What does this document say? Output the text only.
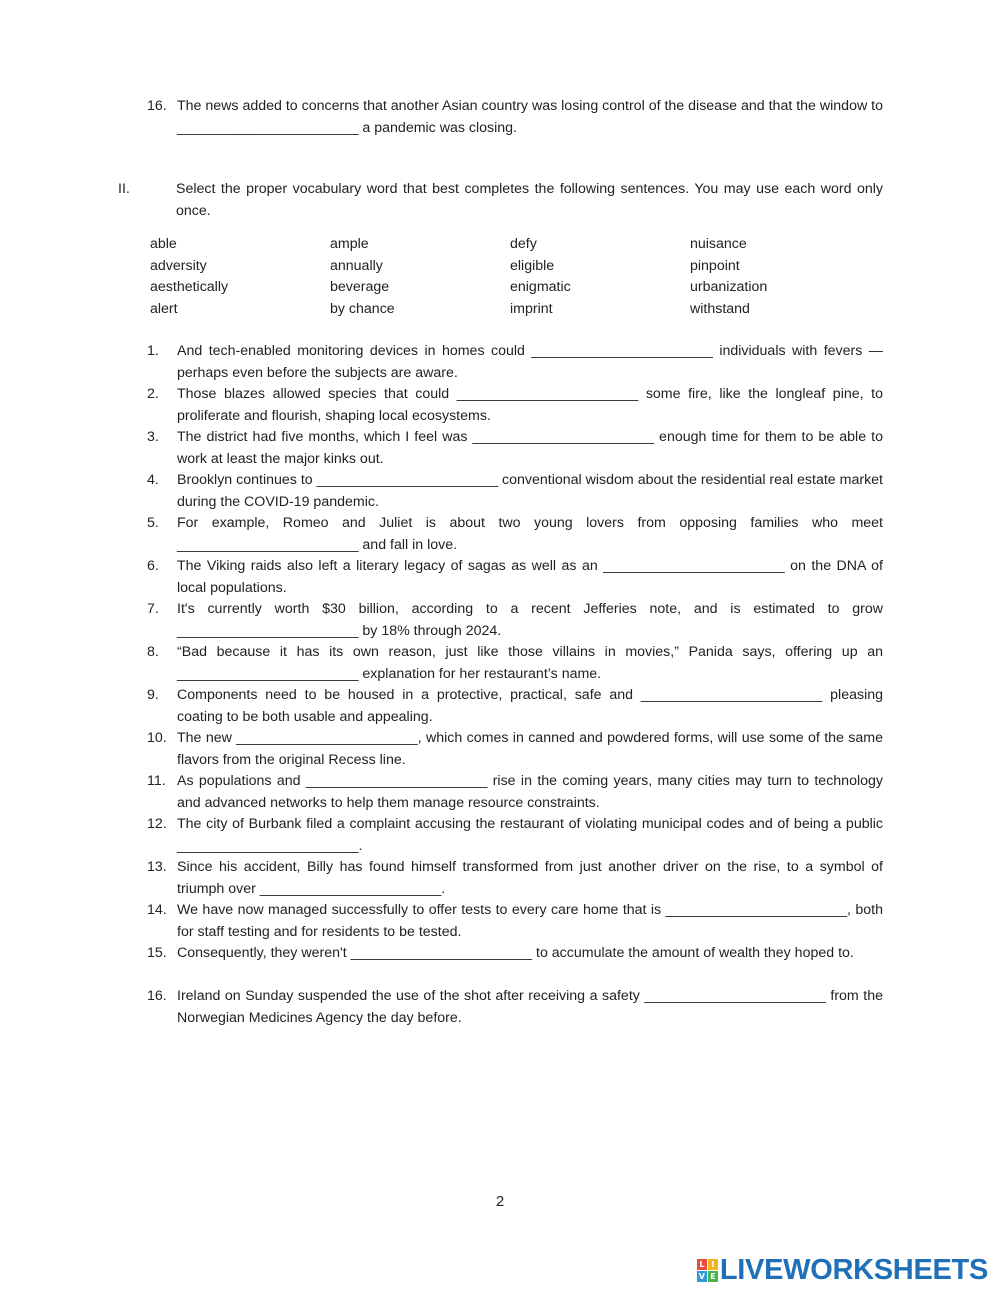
16. The news added to concerns that another Asian country was losing control of the disease and that the window to _______________________ a pandemic was closing.
II.	Select the proper vocabulary word that best completes the following sentences. You may use each word only once.
able	ample	defy	nuisance
adversity	annually	eligible	pinpoint
aesthetically	beverage	enigmatic	urbanization
alert	by chance	imprint	withstand
1. And tech-enabled monitoring devices in homes could _______________________ individuals with fevers — perhaps even before the subjects are aware.
2. Those blazes allowed species that could _______________________ some fire, like the longleaf pine, to proliferate and flourish, shaping local ecosystems.
3. The district had five months, which I feel was _______________________ enough time for them to be able to work at least the major kinks out.
4. Brooklyn continues to _______________________ conventional wisdom about the residential real estate market during the COVID-19 pandemic.
5. For example, Romeo and Juliet is about two young lovers from opposing families who meet _______________________ and fall in love.
6. The Viking raids also left a literary legacy of sagas as well as an _______________________ on the DNA of local populations.
7. It's currently worth $30 billion, according to a recent Jefferies note, and is estimated to grow _______________________ by 18% through 2024.
8. “Bad because it has its own reason, just like those villains in movies,” Panida says, offering up an _______________________ explanation for her restaurant’s name.
9. Components need to be housed in a protective, practical, safe and _______________________ pleasing coating to be both usable and appealing.
10. The new _______________________, which comes in canned and powdered forms, will use some of the same flavors from the original Recess line.
11. As populations and _______________________ rise in the coming years, many cities may turn to technology and advanced networks to help them manage resource constraints.
12. The city of Burbank filed a complaint accusing the restaurant of violating municipal codes and of being a public _______________________.
13. Since his accident, Billy has found himself transformed from just another driver on the rise, to a symbol of triumph over _______________________.
14. We have now managed successfully to offer tests to every care home that is _______________________, both for staff testing and for residents to be tested.
15. Consequently, they weren't _______________________ to accumulate the amount of wealth they hoped to.
16. Ireland on Sunday suspended the use of the shot after receiving a safety _______________________ from the Norwegian Medicines Agency the day before.
2
L I
V E LIVEWORKSHEETS
